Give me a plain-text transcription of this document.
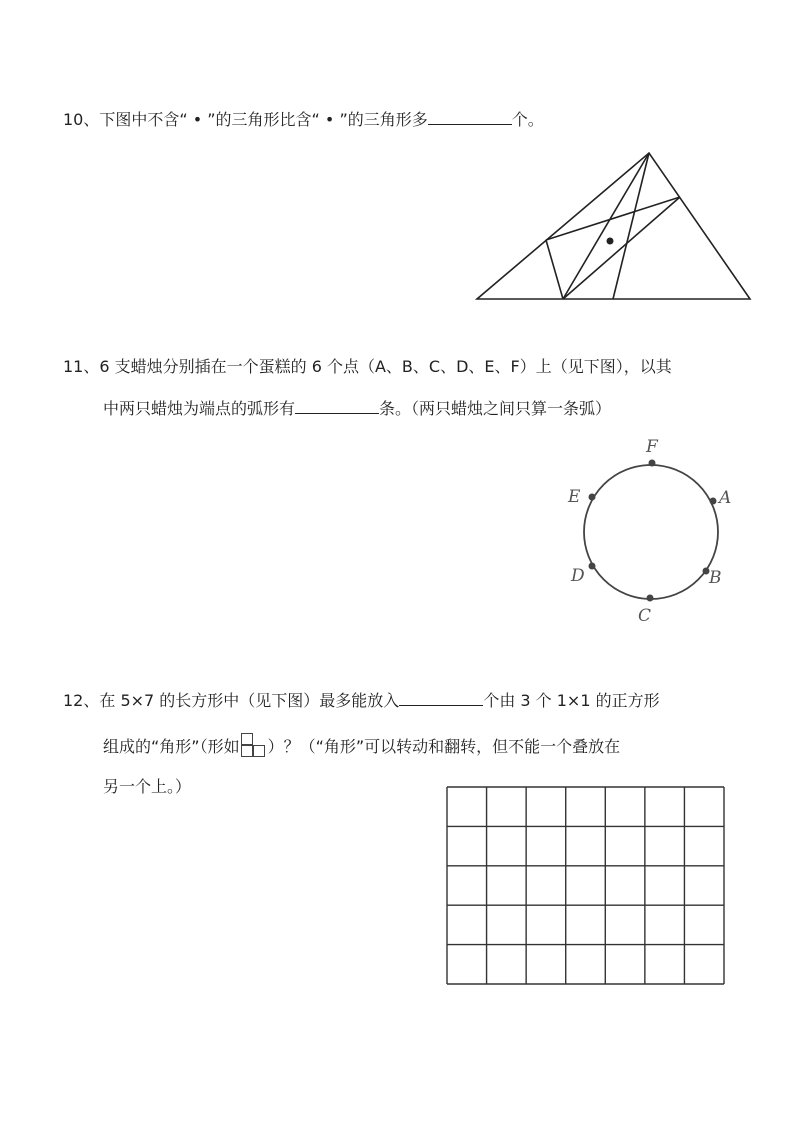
10、下图中不含“ • ”的三角形比含“ • ”的三角形多	个。
11、6 支蜡烛分别插在一个蛋糕的 6 个点（A、B、C、D、E、F）上（见下图），以其
中两只蜡烛为端点的弧形有	条。（两只蜡烛之间只算一条弧）
F
A
B
C
D
E
12、在 5×7 的长方形中（见下图）最多能放入	个由 3 个 1×1 的正方形
组成的“角形”（形如 ）？（“角形”可以转动和翻转，但不能一个叠放在
另一个上。）
